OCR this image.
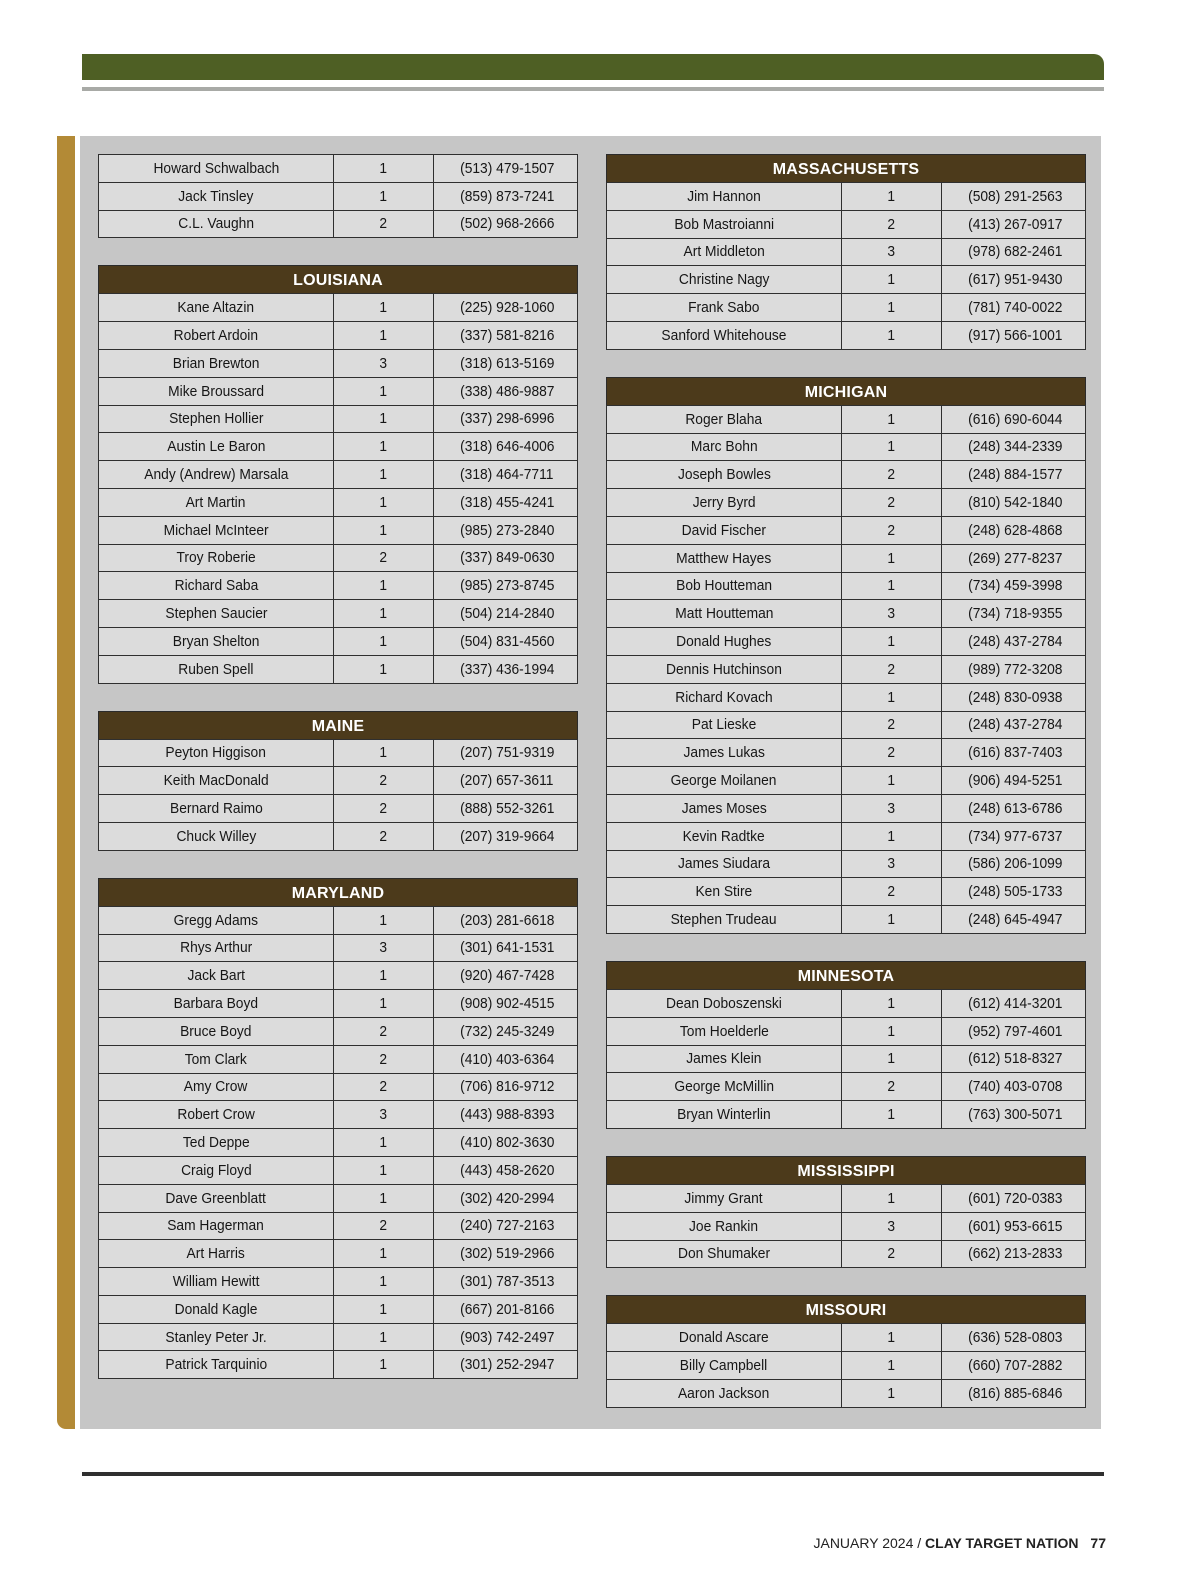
Howard Schwalbach	1	(513) 479-1507
Jack Tinsley	1	(859) 873-7241
C.L. Vaughn	2	(502) 968-2666
LOUISIANA
Kane Altazin	1	(225) 928-1060
Robert Ardoin	1	(337) 581-8216
Brian Brewton	3	(318) 613-5169
Mike Broussard	1	(338) 486-9887
Stephen Hollier	1	(337) 298-6996
Austin Le Baron	1	(318) 646-4006
Andy (Andrew) Marsala	1	(318) 464-7711
Art Martin	1	(318) 455-4241
Michael McInteer	1	(985) 273-2840
Troy Roberie	2	(337) 849-0630
Richard Saba	1	(985) 273-8745
Stephen Saucier	1	(504) 214-2840
Bryan Shelton	1	(504) 831-4560
Ruben Spell	1	(337) 436-1994
MAINE
Peyton Higgison	1	(207) 751-9319
Keith MacDonald	2	(207) 657-3611
Bernard Raimo	2	(888) 552-3261
Chuck Willey	2	(207) 319-9664
MARYLAND
Gregg Adams	1	(203) 281-6618
Rhys Arthur	3	(301) 641-1531
Jack Bart	1	(920) 467-7428
Barbara Boyd	1	(908) 902-4515
Bruce Boyd	2	(732) 245-3249
Tom Clark	2	(410) 403-6364
Amy Crow	2	(706) 816-9712
Robert Crow	3	(443) 988-8393
Ted Deppe	1	(410) 802-3630
Craig Floyd	1	(443) 458-2620
Dave Greenblatt	1	(302) 420-2994
Sam Hagerman	2	(240) 727-2163
Art Harris	1	(302) 519-2966
William Hewitt	1	(301) 787-3513
Donald Kagle	1	(667) 201-8166
Stanley Peter Jr.	1	(903) 742-2497
Patrick Tarquinio	1	(301) 252-2947
MASSACHUSETTS
Jim Hannon	1	(508) 291-2563
Bob Mastroianni	2	(413) 267-0917
Art Middleton	3	(978) 682-2461
Christine Nagy	1	(617) 951-9430
Frank Sabo	1	(781) 740-0022
Sanford Whitehouse	1	(917) 566-1001
MICHIGAN
Roger Blaha	1	(616) 690-6044
Marc Bohn	1	(248) 344-2339
Joseph Bowles	2	(248) 884-1577
Jerry Byrd	2	(810) 542-1840
David Fischer	2	(248) 628-4868
Matthew Hayes	1	(269) 277-8237
Bob Houtteman	1	(734) 459-3998
Matt Houtteman	3	(734) 718-9355
Donald Hughes	1	(248) 437-2784
Dennis Hutchinson	2	(989) 772-3208
Richard Kovach	1	(248) 830-0938
Pat Lieske	2	(248) 437-2784
James Lukas	2	(616) 837-7403
George Moilanen	1	(906) 494-5251
James Moses	3	(248) 613-6786
Kevin Radtke	1	(734) 977-6737
James Siudara	3	(586) 206-1099
Ken Stire	2	(248) 505-1733
Stephen Trudeau	1	(248) 645-4947
MINNESOTA
Dean Doboszenski	1	(612) 414-3201
Tom Hoelderle	1	(952) 797-4601
James Klein	1	(612) 518-8327
George McMillin	2	(740) 403-0708
Bryan Winterlin	1	(763) 300-5071
MISSISSIPPI
Jimmy Grant	1	(601) 720-0383
Joe Rankin	3	(601) 953-6615
Don Shumaker	2	(662) 213-2833
MISSOURI
Donald Ascare	1	(636) 528-0803
Billy Campbell	1	(660) 707-2882
Aaron Jackson	1	(816) 885-6846
JANUARY 2024 / CLAY TARGET NATION 77
